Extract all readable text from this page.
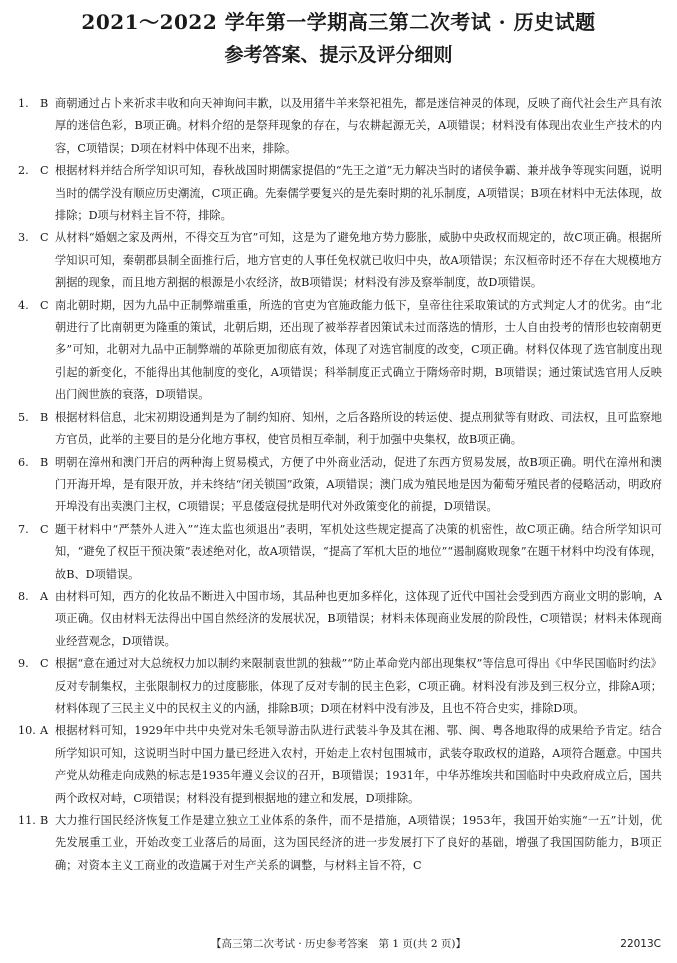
2021～2022 学年第一学期高三第二次考试 · 历史试题
参考答案、提示及评分细则
1.	B 商朝通过占卜来祈求丰收和向天神询问丰歉，以及用猪牛羊来祭祀祖先，都是迷信神灵的体现，反映了商代社会生产具有浓厚的迷信色彩，B项正确。材料介绍的是祭拜现象的存在，与农耕起源无关，A项错误；材料没有体现出农业生产技术的内容，C项错误；D项在材料中体现不出来，排除。
2.	C 根据材料并结合所学知识可知，春秋战国时期儒家提倡的“先王之道”无力解决当时的诸侯争霸、兼并战争等现实问题，说明当时的儒学没有顺应历史潮流，C项正确。先秦儒学要复兴的是先秦时期的礼乐制度，A项错误；B项在材料中无法体现，故排除；D项与材料主旨不符，排除。
3.	C 从材料“婚姻之家及两州，不得交互为官”可知，这是为了避免地方势力膨胀，威胁中央政权而规定的，故C项正确。根据所学知识可知，秦朝郡县制全面推行后，地方官吏的人事任免权就已收归中央，故A项错误；东汉桓帝时还不存在大规模地方割据的现象，而且地方割据的根源是小农经济，故B项错误；材料没有涉及察举制度，故D项错误。
4.	C 南北朝时期，因为九品中正制弊端重重，所选的官吏为官施政能力低下，皇帝往往采取策试的方式判定人才的优劣。由“北朝进行了比南朝更为隆重的策试，北朝后期，还出现了被举荐者因策试未过而落选的情形，士人自由投考的情形也较南朝更多”可知，北朝对九品中正制弊端的革除更加彻底有效，体现了对选官制度的改变，C项正确。材料仅体现了选官制度出现引起的新变化，不能得出其他制度的变化，A项错误；科举制度正式确立于隋炀帝时期，B项错误；通过策试选官用人反映出门阀世族的衰落，D项错误。
5.	B 根据材料信息，北宋初期设通判是为了制约知府、知州，之后各路所设的转运使、提点刑狱等有财政、司法权，且可监察地方官员，此举的主要目的是分化地方事权，使官员相互牵制，利于加强中央集权，故B项正确。
6.	B 明朝在漳州和澳门开启的两种海上贸易模式，方便了中外商业活动，促进了东西方贸易发展，故B项正确。明代在漳州和澳门开海开埠，是有限开放，并未终结“闭关锁国”政策，A项错误；澳门成为殖民地是因为葡萄牙殖民者的侵略活动，明政府开埠没有出卖澳门主权，C项错误；平息倭寇侵扰是明代对外政策变化的前提，D项错误。
7.	C 题干材料中“严禁外人进入”“连太监也须退出”表明，军机处这些规定提高了决策的机密性，故C项正确。结合所学知识可知，“避免了权臣干预决策”表述绝对化，故A项错误，“提高了军机大臣的地位”“遏制腐败现象”在题干材料中均没有体现，故B、D项错误。
8.	A 由材料可知，西方的化妆品不断进入中国市场，其品种也更加多样化，这体现了近代中国社会受到西方商业文明的影响，A项正确。仅由材料无法得出中国自然经济的发展状况，B项错误；材料未体现商业发展的阶段性，C项错误；材料未体现商业经营观念，D项错误。
9.	C 根据“意在通过对大总统权力加以制约来限制袁世凯的独裁”“防止革命党内部出现集权”等信息可得出《中华民国临时约法》反对专制集权，主张限制权力的过度膨胀，体现了反对专制的民主色彩，C项正确。材料没有涉及到三权分立，排除A项；材料体现了三民主义中的民权主义的内涵，排除B项；D项在材料中没有涉及，且也不符合史实，排除D项。
10. A 根据材料可知，1929年中共中央党对朱毛领导游击队进行武装斗争及其在湘、鄂、闽、粤各地取得的成果给予肯定。结合所学知识可知，这说明当时中国力量已经进入农村，开始走上农村包围城市，武装夺取政权的道路，A项符合题意。中国共产党从幼稚走向成熟的标志是1935年遵义会议的召开，B项错误；1931年，中华苏维埃共和国临时中央政府成立后，国共两个政权对峙，C项错误；材料没有提到根据地的建立和发展，D项排除。
11. B 大力推行国民经济恢复工作是建立独立工业体系的条件，而不是措施，A项错误；1953年，我国开始实施“一五”计划，优先发展重工业，开始改变工业落后的局面，这为国民经济的进一步发展打下了良好的基础，增强了我国国防能力，B项正确；对资本主义工商业的改造属于对生产关系的调整，与材料主旨不符，C
【高三第二次考试 · 历史参考答案　第 1 页(共 2 页)】	22013C
